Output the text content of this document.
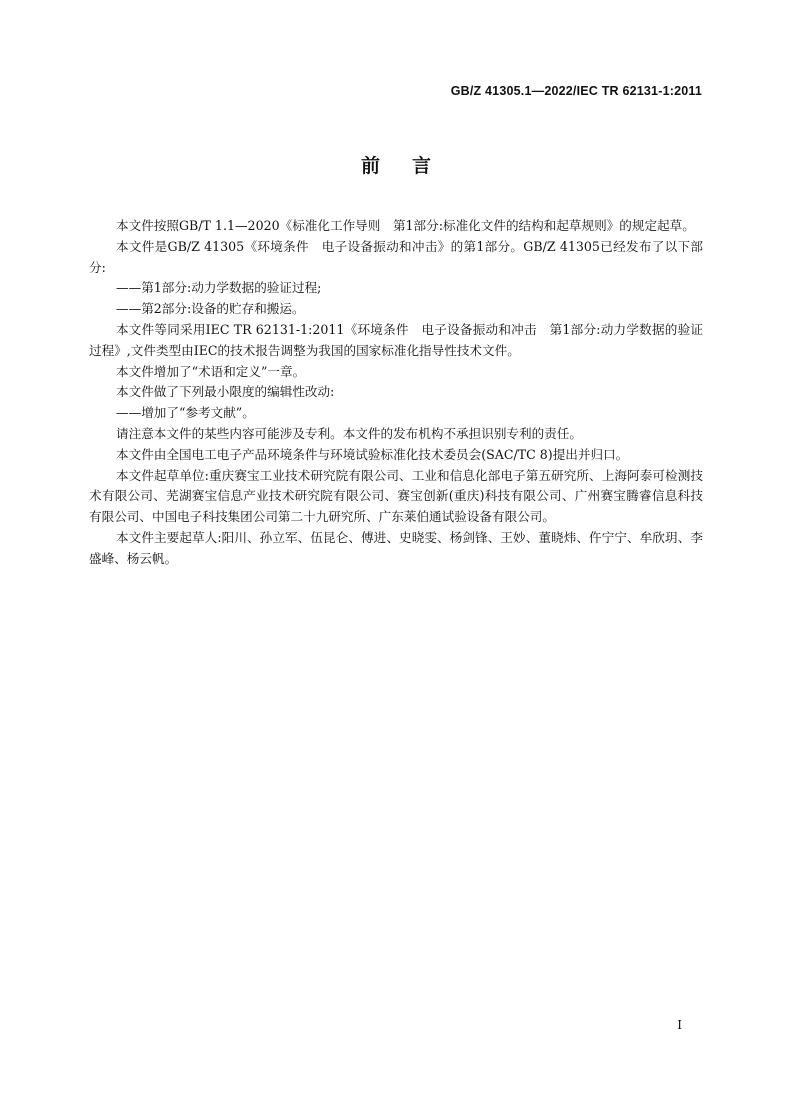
GB/Z 41305.1—2022/IEC TR 62131-1:2011
前言

本文件按照GB/T 1.1—2020《标准化工作导则　第1部分:标准化文件的结构和起草规则》的规定起草。

本文件是GB/Z 41305《环境条件　电子设备振动和冲击》的第1部分。GB/Z 41305已经发布了以下部分:

——第1部分:动力学数据的验证过程;

——第2部分:设备的贮存和搬运。

本文件等同采用IEC TR 62131-1:2011《环境条件　电子设备振动和冲击　第1部分:动力学数据的验证过程》,文件类型由IEC的技术报告调整为我国的国家标准化指导性技术文件。

本文件增加了“术语和定义”一章。

本文件做了下列最小限度的编辑性改动:

——增加了“参考文献”。

请注意本文件的某些内容可能涉及专利。本文件的发布机构不承担识别专利的责任。

本文件由全国电工电子产品环境条件与环境试验标准化技术委员会(SAC/TC 8)提出并归口。

本文件起草单位:重庆赛宝工业技术研究院有限公司、工业和信息化部电子第五研究所、上海阿泰可检测技术有限公司、芜湖赛宝信息产业技术研究院有限公司、赛宝创新(重庆)科技有限公司、广州赛宝腾睿信息科技有限公司、中国电子科技集团公司第二十九研究所、广东莱伯通试验设备有限公司。

本文件主要起草人:阳川、孙立军、伍昆仑、傅进、史晓雯、杨剑锋、王妙、董晓炜、仵宁宁、牟欣玥、李盛峰、杨云帆。

I
